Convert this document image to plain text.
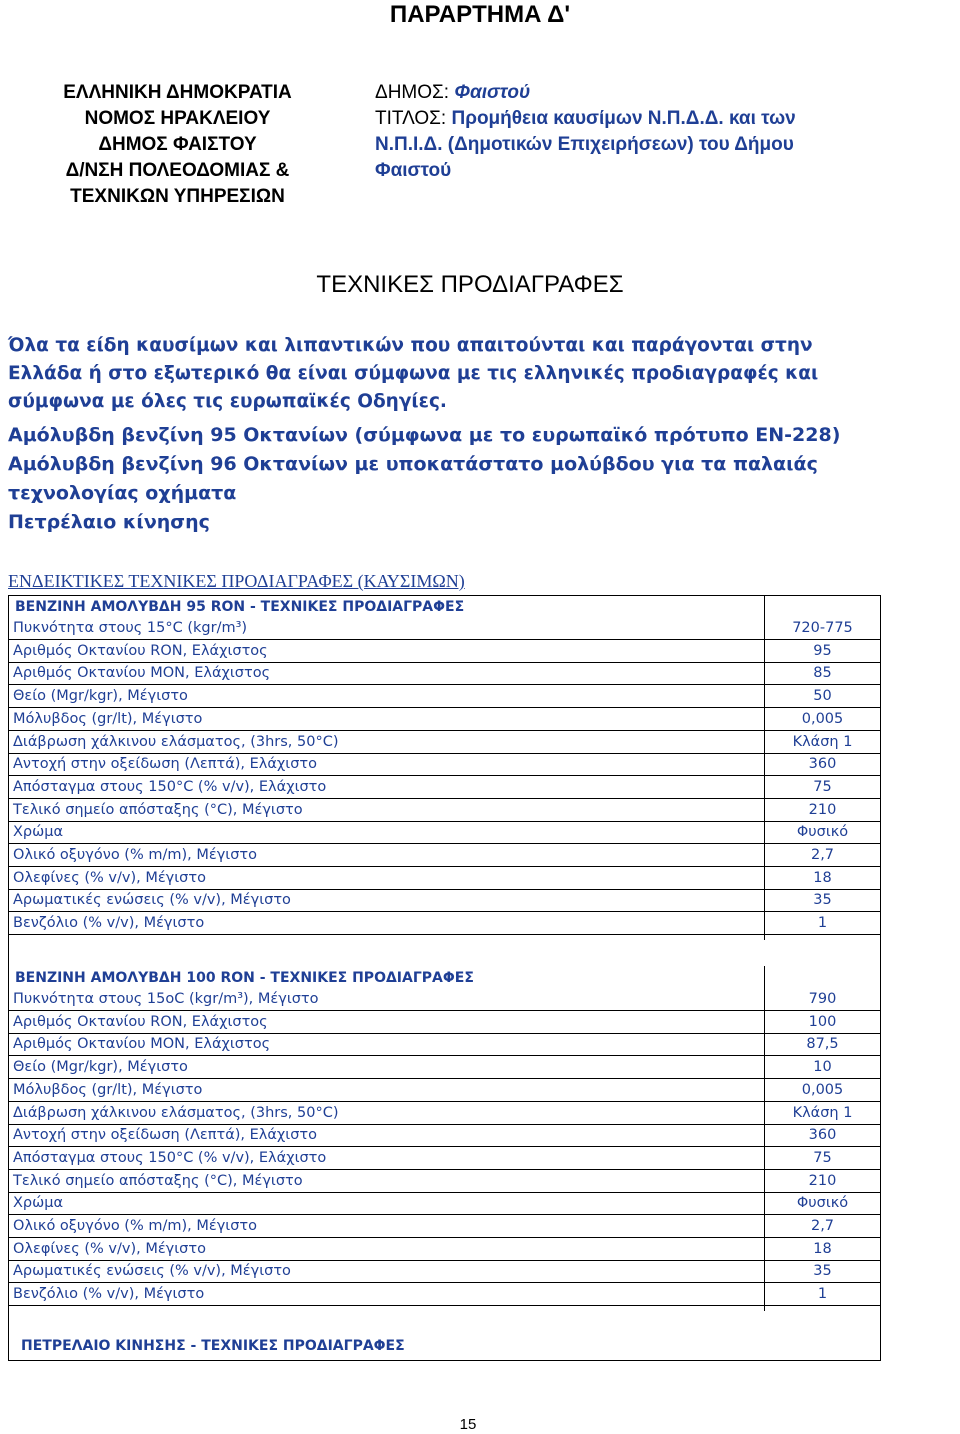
ΠΑΡΑΡΤΗΜΑ Δ'
ΕΛΛΗΝΙΚΗ ΔΗΜΟΚΡΑΤΙΑ
ΝΟΜΟΣ ΗΡΑΚΛΕΙΟΥ
ΔΗΜΟΣ ΦΑΙΣΤΟΥ
Δ/ΝΣΗ ΠΟΛΕΟΔΟΜΙΑΣ &
ΤΕΧΝΙΚΩΝ ΥΠΗΡΕΣΙΩΝ
ΔΗΜΟΣ: Φαιστού
ΤΙΤΛΟΣ: Προμήθεια καυσίμων Ν.Π.Δ.Δ. και των
Ν.Π.Ι.Δ. (Δημοτικών Επιχειρήσεων) του Δήμου
Φαιστού
ΤΕΧΝΙΚΕΣ ΠΡΟΔΙΑΓΡΑΦΕΣ
Όλα τα είδη καυσίμων και λιπαντικών που απαιτούνται και παράγονται στην
Ελλάδα ή στο εξωτερικό θα είναι σύμφωνα με τις ελληνικές προδιαγραφές και
σύμφωνα με όλες τις ευρωπαϊκές Οδηγίες.
Αμόλυβδη βενζίνη 95 Οκτανίων (σύμφωνα με το ευρωπαϊκό πρότυπο ΕΝ-228)
Αμόλυβδη βενζίνη 96 Οκτανίων με υποκατάστατο μολύβδου για τα παλαιάς
τεχνολογίας οχήματα
Πετρέλαιο κίνησης
ΕΝΔΕΙΚΤΙΚΕΣ ΤΕΧΝΙΚΕΣ ΠΡΟΔΙΑΓΡΑΦΕΣ (ΚΑΥΣΙΜΩΝ)
ΒΕΝΖΙΝΗ ΑΜΟΛΥΒΔΗ 95 RON - ΤΕΧΝΙΚΕΣ ΠΡΟΔΙΑΓΡΑΦΕΣ
Πυκνότητα στους 15°C (kgr/m³)	720-775
Αριθμός Οκτανίου RON, Ελάχιστος	95
Αριθμός Οκτανίου MON, Ελάχιστος	85
Θείο (Mgr/kgr), Μέγιστο	50
Μόλυβδος (gr/lt), Μέγιστο	0,005
Διάβρωση χάλκινου ελάσματος, (3hrs, 50°C)	Κλάση 1
Αντοχή στην οξείδωση (Λεπτά), Ελάχιστο	360
Απόσταγμα στους 150°C (% v/v), Ελάχιστο	75
Τελικό σημείο απόσταξης (°C), Μέγιστο	210
Χρώμα	Φυσικό
Ολικό οξυγόνο (% m/m), Μέγιστο	2,7
Ολεφίνες (% v/v), Μέγιστο	18
Αρωματικές ενώσεις (% v/v), Μέγιστο	35
Βενζόλιο (% v/v), Μέγιστο	1
ΒΕΝΖΙΝΗ ΑΜΟΛΥΒΔΗ 100 RON - ΤΕΧΝΙΚΕΣ ΠΡΟΔΙΑΓΡΑΦΕΣ
Πυκνότητα στους 15oC (kgr/m³), Μέγιστο	790
Αριθμός Οκτανίου RON, Ελάχιστος	100
Αριθμός Οκτανίου MON, Ελάχιστος	87,5
Θείο (Mgr/kgr), Μέγιστο	10
Μόλυβδος (gr/lt), Μέγιστο	0,005
Διάβρωση χάλκινου ελάσματος, (3hrs, 50°C)	Κλάση 1
Αντοχή στην οξείδωση (Λεπτά), Ελάχιστο	360
Απόσταγμα στους 150°C (% v/v), Ελάχιστο	75
Τελικό σημείο απόσταξης (°C), Μέγιστο	210
Χρώμα	Φυσικό
Ολικό οξυγόνο (% m/m), Μέγιστο	2,7
Ολεφίνες (% v/v), Μέγιστο	18
Αρωματικές ενώσεις (% v/v), Μέγιστο	35
Βενζόλιο (% v/v), Μέγιστο	1
ΠΕΤΡΕΛΑΙΟ ΚΙΝΗΣΗΣ - ΤΕΧΝΙΚΕΣ ΠΡΟΔΙΑΓΡΑΦΕΣ
15
